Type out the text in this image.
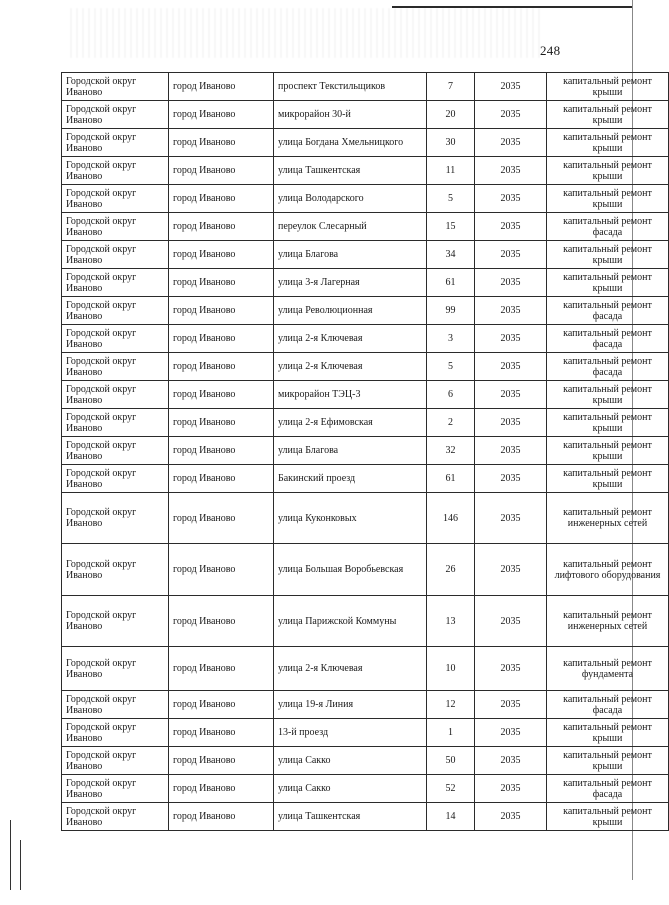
248
Городской округ Иваново	город Иваново	проспект Текстильщиков	7	2035	капитальный ремонт крыши
Городской округ Иваново	город Иваново	микрорайон 30-й	20	2035	капитальный ремонт крыши
Городской округ Иваново	город Иваново	улица Богдана Хмельницкого	30	2035	капитальный ремонт крыши
Городской округ Иваново	город Иваново	улица Ташкентская	11	2035	капитальный ремонт крыши
Городской округ Иваново	город Иваново	улица Володарского	5	2035	капитальный ремонт крыши
Городской округ Иваново	город Иваново	переулок Слесарный	15	2035	капитальный ремонт фасада
Городской округ Иваново	город Иваново	улица Благова	34	2035	капитальный ремонт крыши
Городской округ Иваново	город Иваново	улица 3-я Лагерная	61	2035	капитальный ремонт крыши
Городской округ Иваново	город Иваново	улица Революционная	99	2035	капитальный ремонт фасада
Городской округ Иваново	город Иваново	улица 2-я Ключевая	3	2035	капитальный ремонт фасада
Городской округ Иваново	город Иваново	улица 2-я Ключевая	5	2035	капитальный ремонт фасада
Городской округ Иваново	город Иваново	микрорайон ТЭЦ-3	6	2035	капитальный ремонт крыши
Городской округ Иваново	город Иваново	улица 2-я Ефимовская	2	2035	капитальный ремонт крыши
Городской округ Иваново	город Иваново	улица Благова	32	2035	капитальный ремонт крыши
Городской округ Иваново	город Иваново	Бакинский проезд	61	2035	капитальный ремонт крыши
Городской округ Иваново	город Иваново	улица Куконковых	146	2035	капитальный ремонт инженерных сетей
Городской округ Иваново	город Иваново	улица Большая Воробьевская	26	2035	капитальный ремонт лифтового оборудования
Городской округ Иваново	город Иваново	улица Парижской Коммуны	13	2035	капитальный ремонт инженерных сетей
Городской округ Иваново	город Иваново	улица 2-я Ключевая	10	2035	капитальный ремонт фундамента
Городской округ Иваново	город Иваново	улица 19-я Линия	12	2035	капитальный ремонт фасада
Городской округ Иваново	город Иваново	13-й проезд	1	2035	капитальный ремонт крыши
Городской округ Иваново	город Иваново	улица Сакко	50	2035	капитальный ремонт крыши
Городской округ Иваново	город Иваново	улица Сакко	52	2035	капитальный ремонт фасада
Городской округ Иваново	город Иваново	улица Ташкентская	14	2035	капитальный ремонт крыши
